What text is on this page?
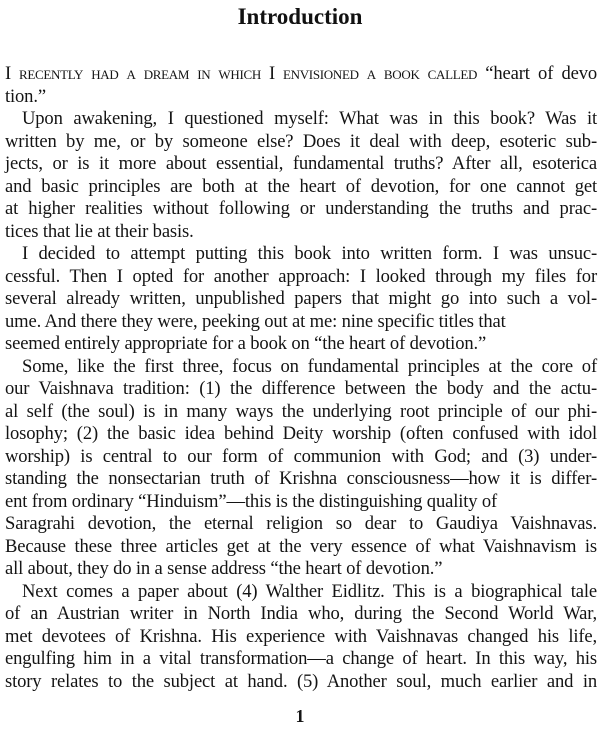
Introduction
I recently had a dream in which I envisioned a book called “heart of devo
tion.”
Upon awakening, I questioned myself: What was in this book? Was it
written by me, or by someone else? Does it deal with deep, esoteric sub-
jects, or is it more about essential, fundamental truths? After all, esoterica
and basic principles are both at the heart of devotion, for one cannot get
at higher realities without following or understanding the truths and prac-
tices that lie at their basis.
I decided to attempt putting this book into written form. I was unsuc-
cessful. Then I opted for another approach: I looked through my files for
several already written, unpublished papers that might go into such a vol-
ume. And there they were, peeking out at me: nine specific titles that
seemed entirely appropriate for a book on “the heart of devotion.”
Some, like the first three, focus on fundamental principles at the core of
our Vaishnava tradition: (1) the difference between the body and the actu-
al self (the soul) is in many ways the underlying root principle of our phi-
losophy; (2) the basic idea behind Deity worship (often confused with idol
worship) is central to our form of communion with God; and (3) under-
standing the nonsectarian truth of Krishna consciousness—how it is differ-
ent from ordinary “Hinduism”—this is the distinguishing quality of
Saragrahi devotion, the eternal religion so dear to Gaudiya Vaishnavas.
Because these three articles get at the very essence of what Vaishnavism is
all about, they do in a sense address “the heart of devotion.”
Next comes a paper about (4) Walther Eidlitz. This is a biographical tale
of an Austrian writer in North India who, during the Second World War,
met devotees of Krishna. His experience with Vaishnavas changed his life,
engulfing him in a vital transformation—a change of heart. In this way, his
story relates to the subject at hand. (5) Another soul, much earlier and in
1
